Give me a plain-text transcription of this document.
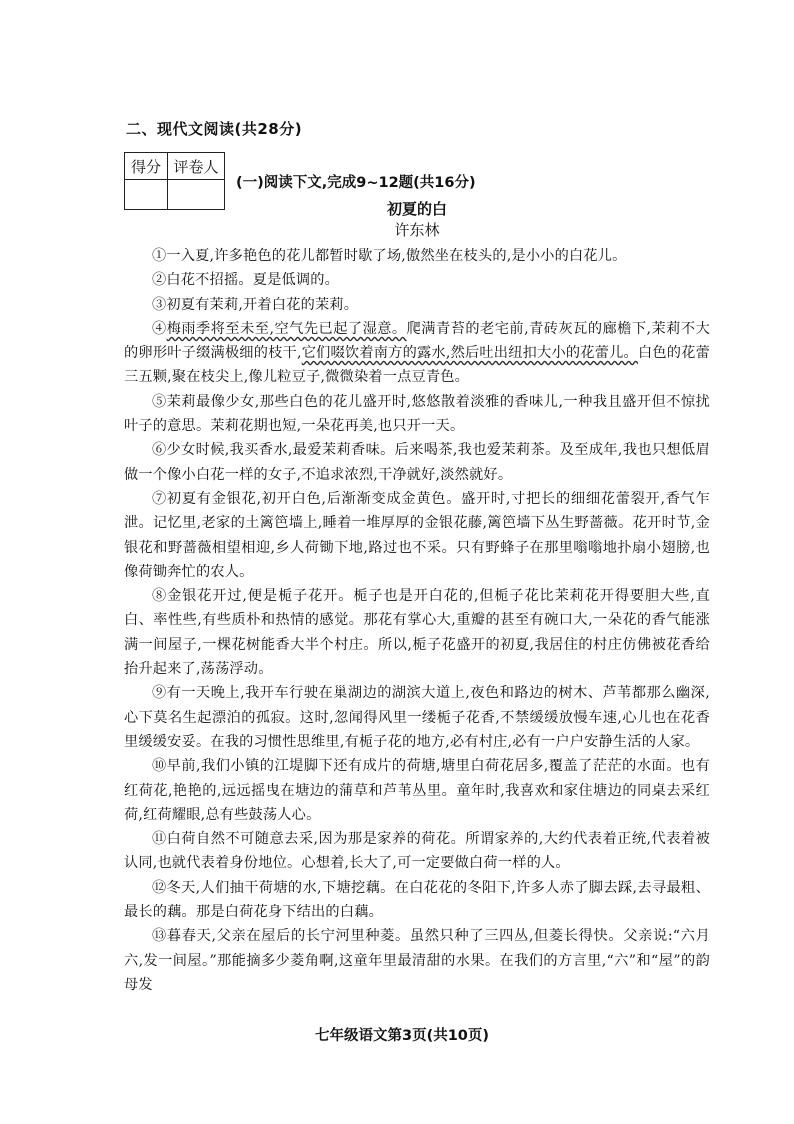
二、现代文阅读(共28分)
得分	评卷人

(一)阅读下文,完成9~12题(共16分)
初夏的白
许东林

①一入夏,许多艳色的花儿都暂时歇了场,傲然坐在枝头的,是小小的白花儿。

②白花不招摇。夏是低调的。

③初夏有茉莉,开着白花的茉莉。

④梅雨季将至未至,空气先已起了湿意。爬满青苔的老宅前,青砖灰瓦的廊檐下,茉莉不大的卵形叶子缀满极细的枝干,它们啜饮着南方的露水,然后吐出纽扣大小的花蕾儿。白色的花蕾三五颗,聚在枝尖上,像儿粒豆子,微微染着一点豆青色。

⑤茉莉最像少女,那些白色的花儿盛开时,悠悠散着淡雅的香味儿,一种我且盛开但不惊扰叶子的意思。茉莉花期也短,一朵花再美,也只开一天。

⑥少女时候,我买香水,最爱茉莉香味。后来喝茶,我也爱茉莉茶。及至成年,我也只想低眉做一个像小白花一样的女子,不追求浓烈,干净就好,淡然就好。

⑦初夏有金银花,初开白色,后渐渐变成金黄色。盛开时,寸把长的细细花蕾裂开,香气乍泄。记忆里,老家的土篱笆墙上,睡着一堆厚厚的金银花藤,篱笆墙下丛生野蔷薇。花开时节,金银花和野蔷薇相望相迎,乡人荷锄下地,路过也不采。只有野蜂子在那里嗡嗡地扑扇小翅膀,也像荷锄奔忙的农人。

⑧金银花开过,便是栀子花开。栀子也是开白花的,但栀子花比茉莉花开得要胆大些,直白、率性些,有些质朴和热情的感觉。那花有掌心大,重瓣的甚至有碗口大,一朵花的香气能涨满一间屋子,一棵花树能香大半个村庄。所以,栀子花盛开的初夏,我居住的村庄仿佛被花香给抬升起来了,荡荡浮动。

⑨有一天晚上,我开车行驶在巢湖边的湖滨大道上,夜色和路边的树木、芦苇都那么幽深,心下莫名生起漂泊的孤寂。这时,忽闻得风里一缕栀子花香,不禁缓缓放慢车速,心儿也在花香里缓缓安妥。在我的习惯性思维里,有栀子花的地方,必有村庄,必有一户户安静生活的人家。

⑩早前,我们小镇的江堤脚下还有成片的荷塘,塘里白荷花居多,覆盖了茫茫的水面。也有红荷花,艳艳的,远远摇曳在塘边的蒲草和芦苇丛里。童年时,我喜欢和家住塘边的同桌去采红荷,红荷耀眼,总有些鼓荡人心。

⑪白荷自然不可随意去采,因为那是家养的荷花。所谓家养的,大约代表着正统,代表着被认同,也就代表着身份地位。心想着,长大了,可一定要做白荷一样的人。

⑫冬天,人们抽干荷塘的水,下塘挖藕。在白花花的冬阳下,许多人赤了脚去踩,去寻最粗、最长的藕。那是白荷花身下结出的白藕。

⑬暮春天,父亲在屋后的长宁河里种菱。虽然只种了三四丛,但菱长得快。父亲说:“六月六,发一间屋。”那能摘多少菱角啊,这童年里最清甜的水果。在我们的方言里,“六”和“屋”的韵母发

七年级语文第3页(共10页)
